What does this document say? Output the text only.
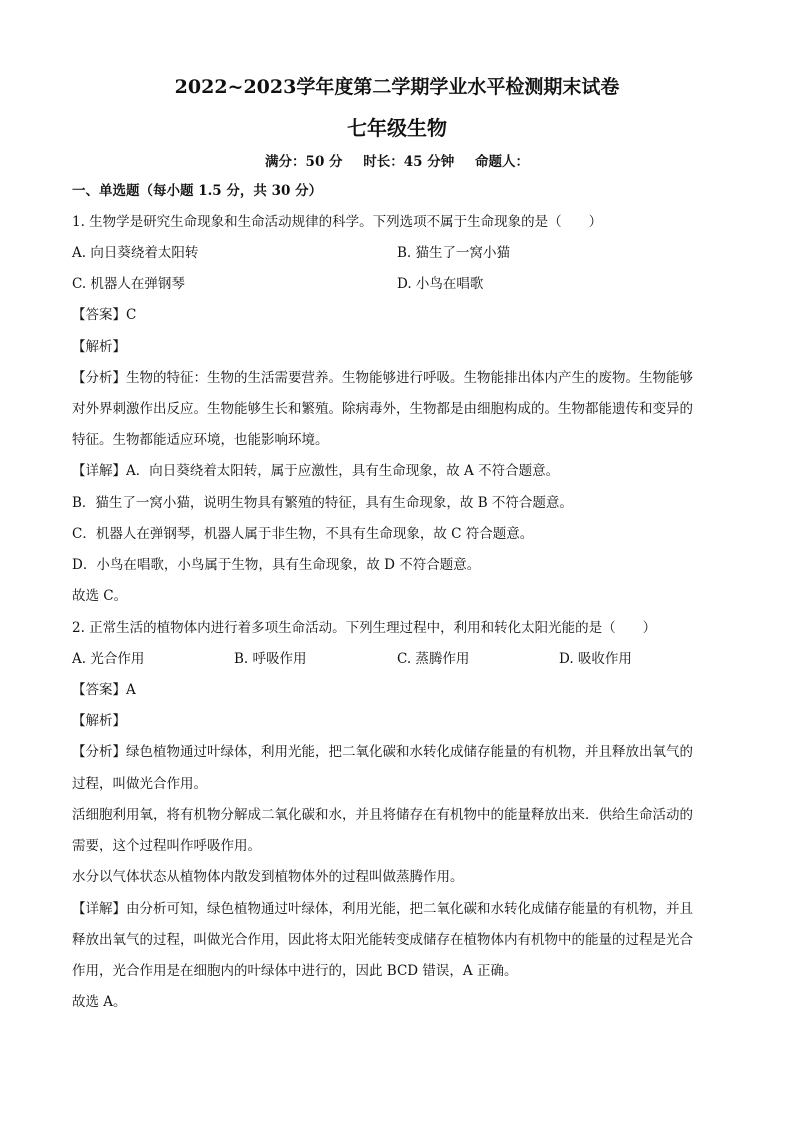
2022~2023学年度第二学期学业水平检测期末试卷
七年级生物
满分：50 分 时长：45 分钟 命题人：
一、单选题（每小题 1.5 分，共 30 分）
1. 生物学是研究生命现象和生命活动规律的科学。下列选项不属于生命现象的是（　　）
A. 向日葵绕着太阳转	B. 猫生了一窝小猫
C. 机器人在弹钢琴	D. 小鸟在唱歌
【答案】C
【解析】
【分析】生物的特征：生物的生活需要营养。生物能够进行呼吸。生物能排出体内产生的废物。生物能够
对外界刺激作出反应。生物能够生长和繁殖。除病毒外，生物都是由细胞构成的。生物都能遗传和变异的
特征。生物都能适应环境，也能影响环境。
【详解】A．向日葵绕着太阳转，属于应激性，具有生命现象，故 A 不符合题意。
B．猫生了一窝小猫，说明生物具有繁殖的特征，具有生命现象，故 B 不符合题意。
C．机器人在弹钢琴，机器人属于非生物，不具有生命现象，故 C 符合题意。
D．小鸟在唱歌，小鸟属于生物，具有生命现象，故 D 不符合题意。
故选 C。
2. 正常生活的植物体内进行着多项生命活动。下列生理过程中，利用和转化太阳光能的是（　　）
A. 光合作用	B. 呼吸作用	C. 蒸腾作用	D. 吸收作用
【答案】A
【解析】
【分析】绿色植物通过叶绿体，利用光能，把二氧化碳和水转化成储存能量的有机物，并且释放出氧气的
过程，叫做光合作用。
活细胞利用氧，将有机物分解成二氧化碳和水，并且将储存在有机物中的能量释放出来．供给生命活动的
需要，这个过程叫作呼吸作用。
水分以气体状态从植物体内散发到植物体外的过程叫做蒸腾作用。
【详解】由分析可知，绿色植物通过叶绿体，利用光能，把二氧化碳和水转化成储存能量的有机物，并且
释放出氧气的过程，叫做光合作用，因此将太阳光能转变成储存在植物体内有机物中的能量的过程是光合
作用，光合作用是在细胞内的叶绿体中进行的，因此 BCD 错误，A 正确。
故选 A。
